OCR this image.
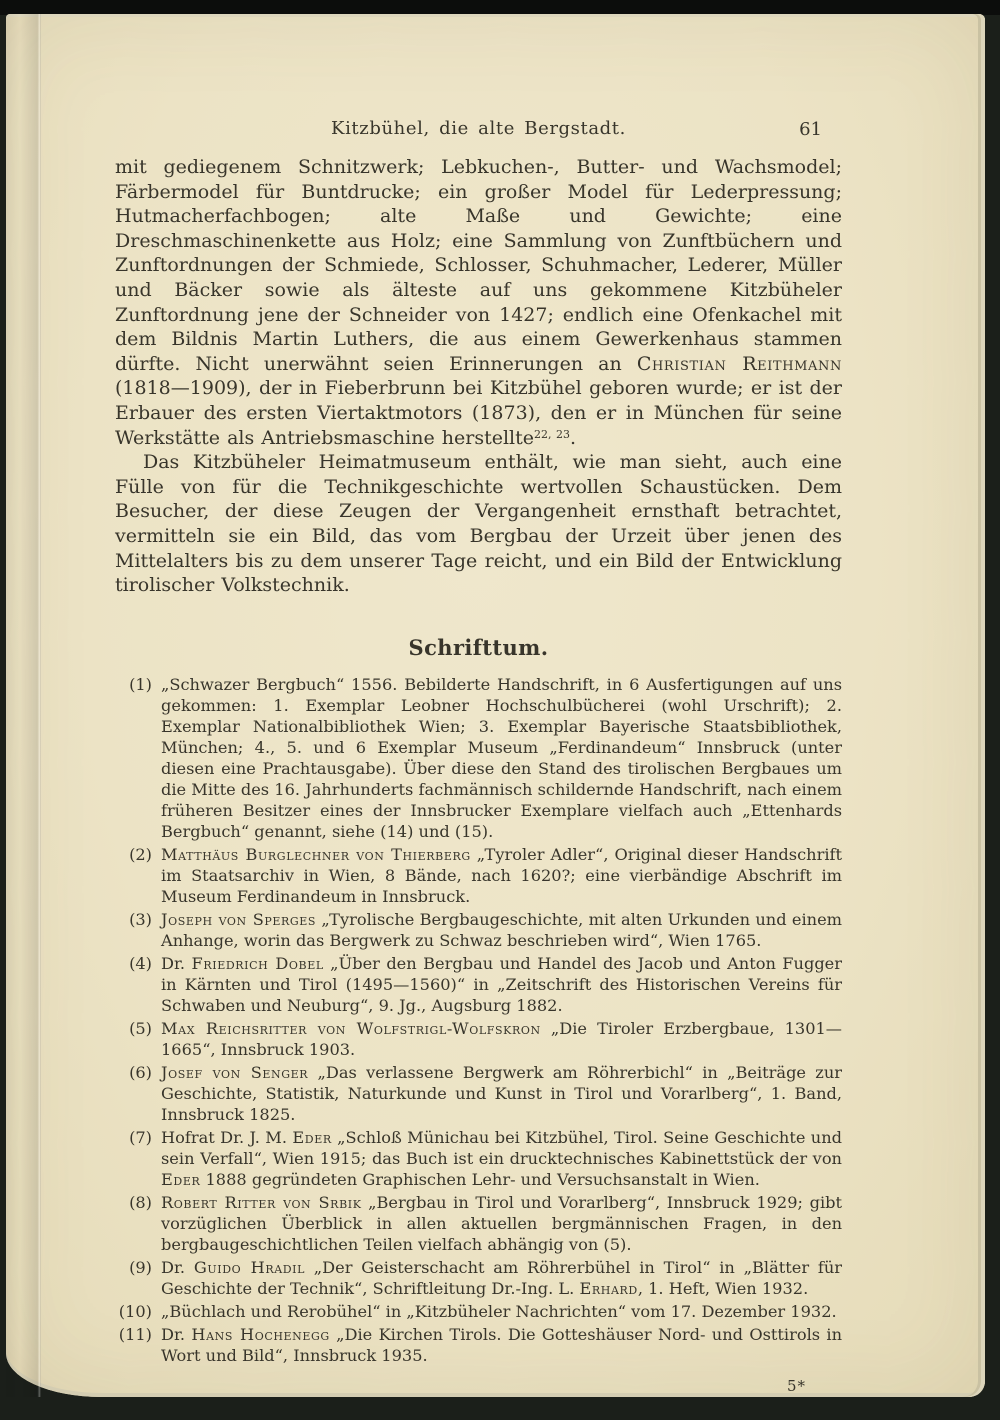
Kitzbühel, die alte Bergstadt.	61

mit gediegenem Schnitzwerk; Lebkuchen-, Butter- und Wachsmodel; Färbermodel für Buntdrucke; ein großer Model für Lederpressung; Hutmacherfachbogen; alte Maße und Gewichte; eine Dreschmaschinenkette aus Holz; eine Sammlung von Zunftbüchern und Zunftordnungen der Schmiede, Schlosser, Schuhmacher, Lederer, Müller und Bäcker sowie als älteste auf uns gekommene Kitzbüheler Zunftordnung jene der Schneider von 1427; endlich eine Ofenkachel mit dem Bildnis Martin Luthers, die aus einem Gewerkenhaus stammen dürfte. Nicht unerwähnt seien Erinnerungen an Christian Reithmann (1818—1909), der in Fieberbrunn bei Kitzbühel geboren wurde; er ist der Erbauer des ersten Viertaktmotors (1873), den er in München für seine Werkstätte als Antriebsmaschine herstellte$^{22, 23}$.

Das Kitzbüheler Heimatmuseum enthält, wie man sieht, auch eine Fülle von für die Technikgeschichte wertvollen Schaustücken. Dem Besucher, der diese Zeugen der Vergangenheit ernsthaft betrachtet, vermitteln sie ein Bild, das vom Bergbau der Urzeit über jenen des Mittelalters bis zu dem unserer Tage reicht, und ein Bild der Entwicklung tirolischer Volkstechnik.

Schrifttum.
(1) „Schwazer Bergbuch“ 1556. Bebilderte Handschrift, in 6 Ausfertigungen auf uns gekommen: 1. Exemplar Leobner Hochschulbücherei (wohl Urschrift); 2. Exemplar Nationalbibliothek Wien; 3. Exemplar Bayerische Staatsbibliothek, München; 4., 5. und 6 Exemplar Museum „Ferdinandeum“ Innsbruck (unter diesen eine Prachtausgabe). Über diese den Stand des tirolischen Bergbaues um die Mitte des 16. Jahrhunderts fachmännisch schildernde Handschrift, nach einem früheren Besitzer eines der Innsbrucker Exemplare vielfach auch „Ettenhards Bergbuch“ genannt, siehe (14) und (15).
(2) Matthäus Burglechner von Thierberg „Tyroler Adler“, Original dieser Handschrift im Staatsarchiv in Wien, 8 Bände, nach 1620?; eine vierbändige Abschrift im Museum Ferdinandeum in Innsbruck.
(3) Joseph von Sperges „Tyrolische Bergbaugeschichte, mit alten Urkunden und einem Anhange, worin das Bergwerk zu Schwaz beschrieben wird“, Wien 1765.
(4) Dr. Friedrich Dobel „Über den Bergbau und Handel des Jacob und Anton Fugger in Kärnten und Tirol (1495—1560)“ in „Zeitschrift des Historischen Vereins für Schwaben und Neuburg“, 9. Jg., Augsburg 1882.
(5) Max Reichsritter von Wolfstrigl-Wolfskron „Die Tiroler Erzbergbaue, 1301—1665“, Innsbruck 1903.
(6) Josef von Senger „Das verlassene Bergwerk am Röhrerbichl“ in „Beiträge zur Geschichte, Statistik, Naturkunde und Kunst in Tirol und Vorarlberg“, 1. Band, Innsbruck 1825.
(7) Hofrat Dr. J. M. Eder „Schloß Münichau bei Kitzbühel, Tirol. Seine Geschichte und sein Verfall“, Wien 1915; das Buch ist ein drucktechnisches Kabinettstück der von Eder 1888 gegründeten Graphischen Lehr- und Versuchsanstalt in Wien.
(8) Robert Ritter von Srbik „Bergbau in Tirol und Vorarlberg“, Innsbruck 1929; gibt vorzüglichen Überblick in allen aktuellen bergmännischen Fragen, in den bergbaugeschichtlichen Teilen vielfach abhängig von (5).
(9) Dr. Guido Hradil „Der Geisterschacht am Röhrerbühel in Tirol“ in „Blätter für Geschichte der Technik“, Schriftleitung Dr.-Ing. L. Erhard, 1. Heft, Wien 1932.
(10) „Büchlach und Rerobühel“ in „Kitzbüheler Nachrichten“ vom 17. Dezember 1932.
(11) Dr. Hans Hochenegg „Die Kirchen Tirols. Die Gotteshäuser Nord- und Osttirols in Wort und Bild“, Innsbruck 1935.
5*
